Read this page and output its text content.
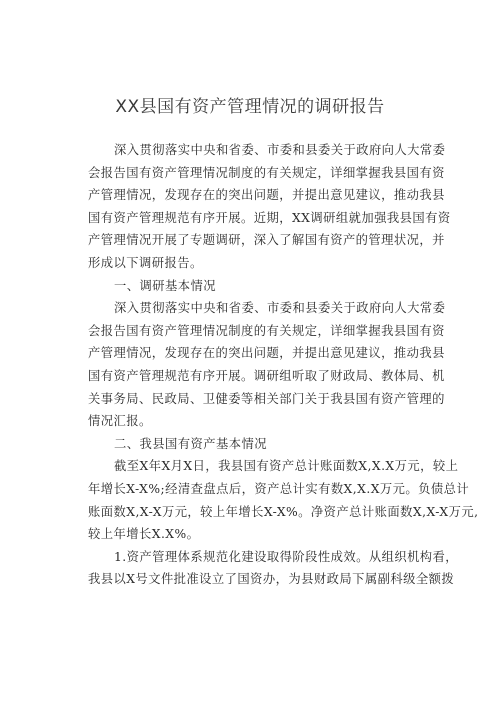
XX县国有资产管理情况的调研报告
深入贯彻落实中央和省委、市委和县委关于政府向人大常委
会报告国有资产管理情况制度的有关规定，详细掌握我县国有资
产管理情况，发现存在的突出问题，并提出意见建议，推动我县
国有资产管理规范有序开展。近期，XX调研组就加强我县国有资
产管理情况开展了专题调研，深入了解国有资产的管理状况，并
形成以下调研报告。
一、调研基本情况
深入贯彻落实中央和省委、市委和县委关于政府向人大常委
会报告国有资产管理情况制度的有关规定，详细掌握我县国有资
产管理情况，发现存在的突出问题，并提出意见建议，推动我县
国有资产管理规范有序开展。调研组听取了财政局、教体局、机
关事务局、民政局、卫健委等相关部门关于我县国有资产管理的
情况汇报。
二、我县国有资产基本情况
截至X年X月X日，我县国有资产总计账面数X,X.X万元，较上
年增长X-X%;经清查盘点后，资产总计实有数X,X.X万元。负债总计
账面数X,X-X万元，较上年增长X-X%。净资产总计账面数X,X-X万元,
较上年增长X.X%。
1.资产管理体系规范化建设取得阶段性成效。从组织机构看，
我县以X号文件批准设立了国资办，为县财政局下属副科级全额拨
